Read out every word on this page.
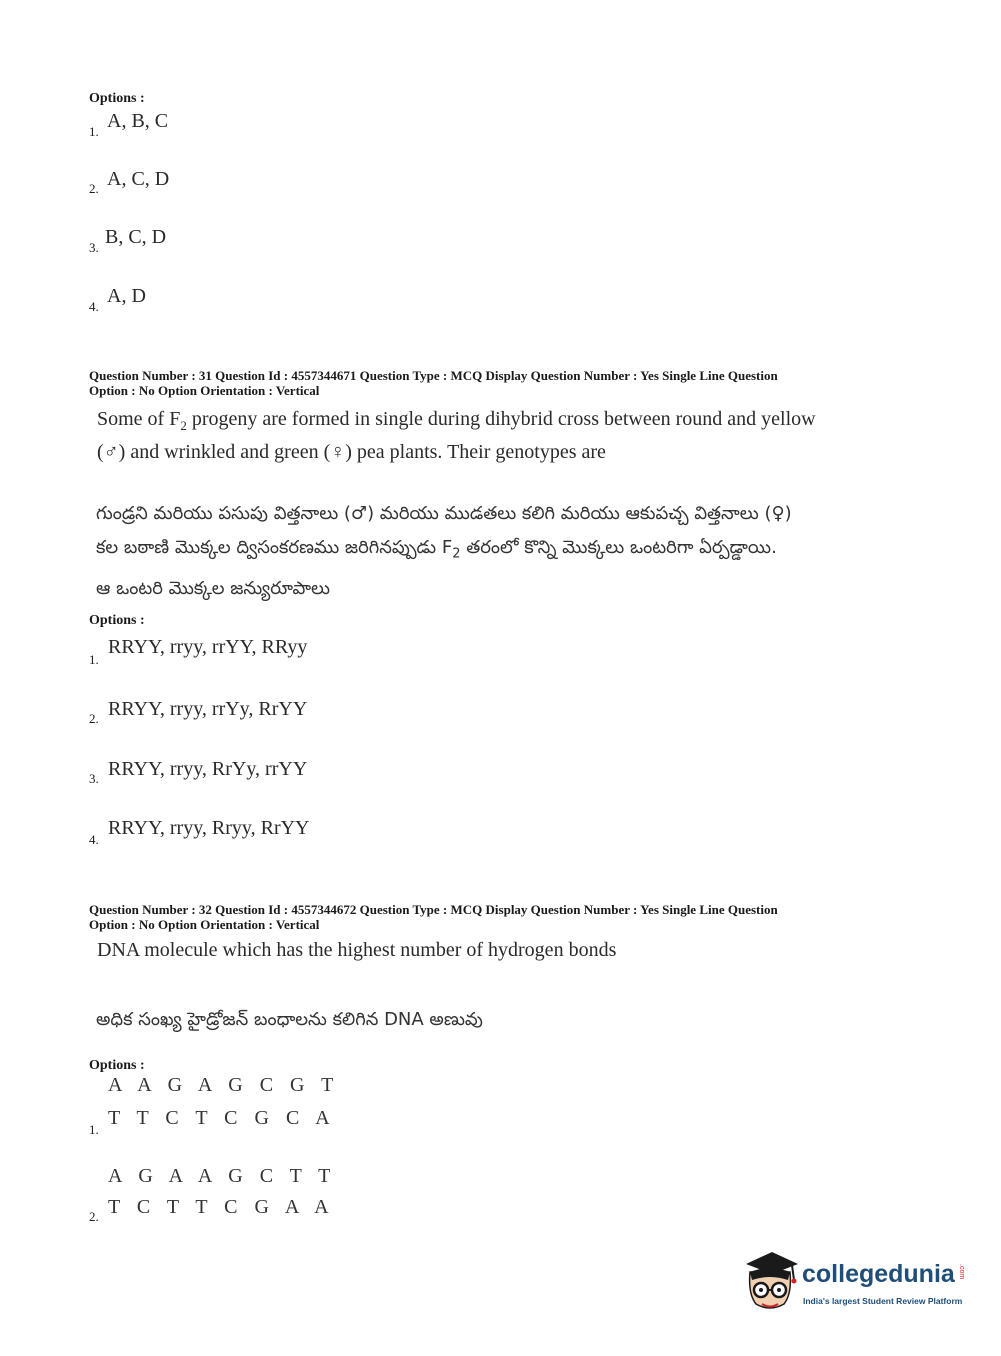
Options :
1. A, B, C
2. A, C, D
3. B, C, D
4. A, D
Question Number : 31 Question Id : 4557344671 Question Type : MCQ Display Question Number : Yes Single Line Question
Option : No Option Orientation : Vertical
Some of $F_2$ progeny are formed in single during dihybrid cross between round and yellow
(♂) and wrinkled and green (♀) pea plants. Their genotypes are
గుండ్రని మరియు పసుపు విత్తనాలు (♂) మరియు ముడతలు కలిగి మరియు ఆకుపచ్చ విత్తనాలు (♀)
కల బఠాణి మొక్కల ద్విసంకరణము జరిగినప్పుడు $F_2$ తరంలో కొన్ని మొక్కలు ఒంటరిగా ఏర్పడ్డాయి.
ఆ ఒంటరి మొక్కల జన్యురూపాలు
Options :
1.
RRYY, rryy, rrYY, RRyy
2. RRYY, rryy, rrYy, RrYY
3. RRYY, rryy, RrYy, rrYY
4.
RRYY, rryy, Rryy, RrYY
Question Number : 32 Question Id : 4557344672 Question Type : MCQ Display Question Number : Yes Single Line Question
Option : No Option Orientation : Vertical
DNA molecule which has the highest number of hydrogen bonds
అధిక సంఖ్య హైడ్రోజన్ బంధాలను కలిగిన DNA అణువు
Options :
A A G A G C G T
1.
T T C T C G C A
A G A A G C T T
2. T C T T C G A A
collegedunia .com
India's largest Student Review Platform
